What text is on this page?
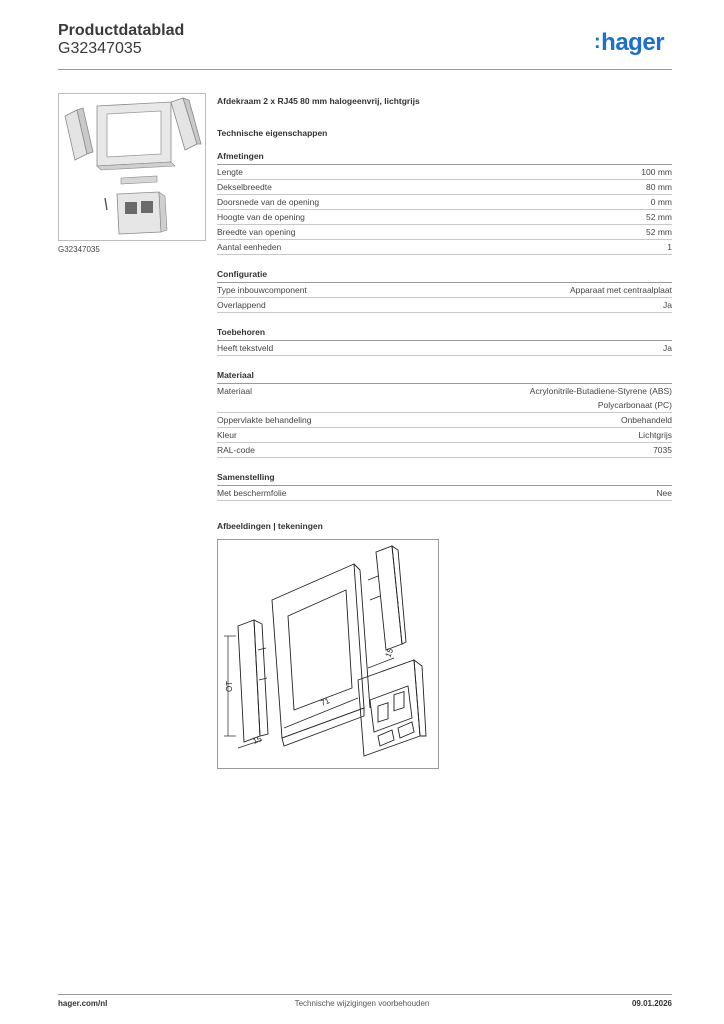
Productdatablad
G32347035	:hager
G32347035
Afdekraam 2 x RJ45 80 mm halogeenvrij, lichtgrijs
Technische eigenschappen
Afmetingen
Lengte	100 mm
Dekselbreedte	80 mm
Doorsnede van de opening	0 mm
Hoogte van de opening	52 mm
Breedte van opening	52 mm
Aantal eenheden	1
Configuratie
Type inbouwcomponent	Apparaat met centraalplaat
Overlappend	Ja
Toebehoren
Heeft tekstveld	Ja
Materiaal
Materiaal	Acrylonitrile-Butadiene-Styrene (ABS)
Polycarbonaat (PC)
Oppervlakte behandeling	Onbehandeld
Kleur	Lichtgrijs
RAL-code	7035
Samenstelling
Met beschermfolie	Nee
Afbeeldingen | tekeningen
OT
71
15
15
Technische wijzigingen voorbehouden
hager.com/nl	09.01.2026
